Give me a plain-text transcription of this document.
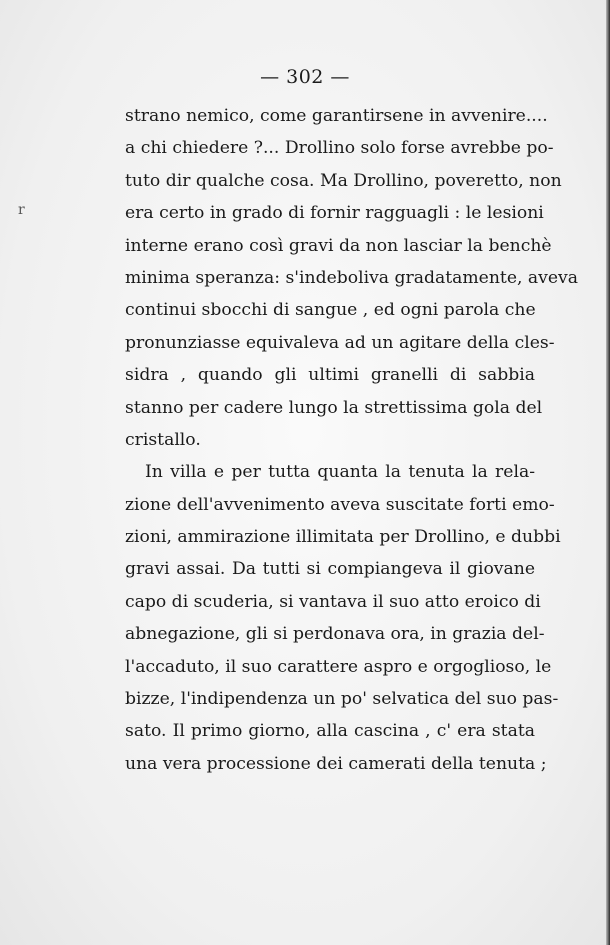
r
— 302 —
strano nemico, come garantirsene in avvenire....
a chi chiedere ?... Drollino solo forse avrebbe po-
tuto dir qualche cosa. Ma Drollino, poveretto, non
era certo in grado di fornir ragguagli : le lesioni
interne erano così gravi da non lasciar la benchè
minima speranza: s'indeboliva gradatamente, aveva
continui sbocchi di sangue , ed ogni parola che
pronunziasse equivaleva ad un agitare della cles-
sidra , quando gli ultimi granelli di sabbia
stanno per cadere lungo la strettissima gola del
cristallo.
In villa e per tutta quanta la tenuta la rela-
zione dell'avvenimento aveva suscitate forti emo-
zioni, ammirazione illimitata per Drollino, e dubbi
gravi assai. Da tutti si compiangeva il giovane
capo di scuderia, si vantava il suo atto eroico di
abnegazione, gli si perdonava ora, in grazia del-
l'accaduto, il suo carattere aspro e orgoglioso, le
bizze, l'indipendenza un po' selvatica del suo pas-
sato. Il primo giorno, alla cascina , c' era stata
una vera processione dei camerati della tenuta ;
